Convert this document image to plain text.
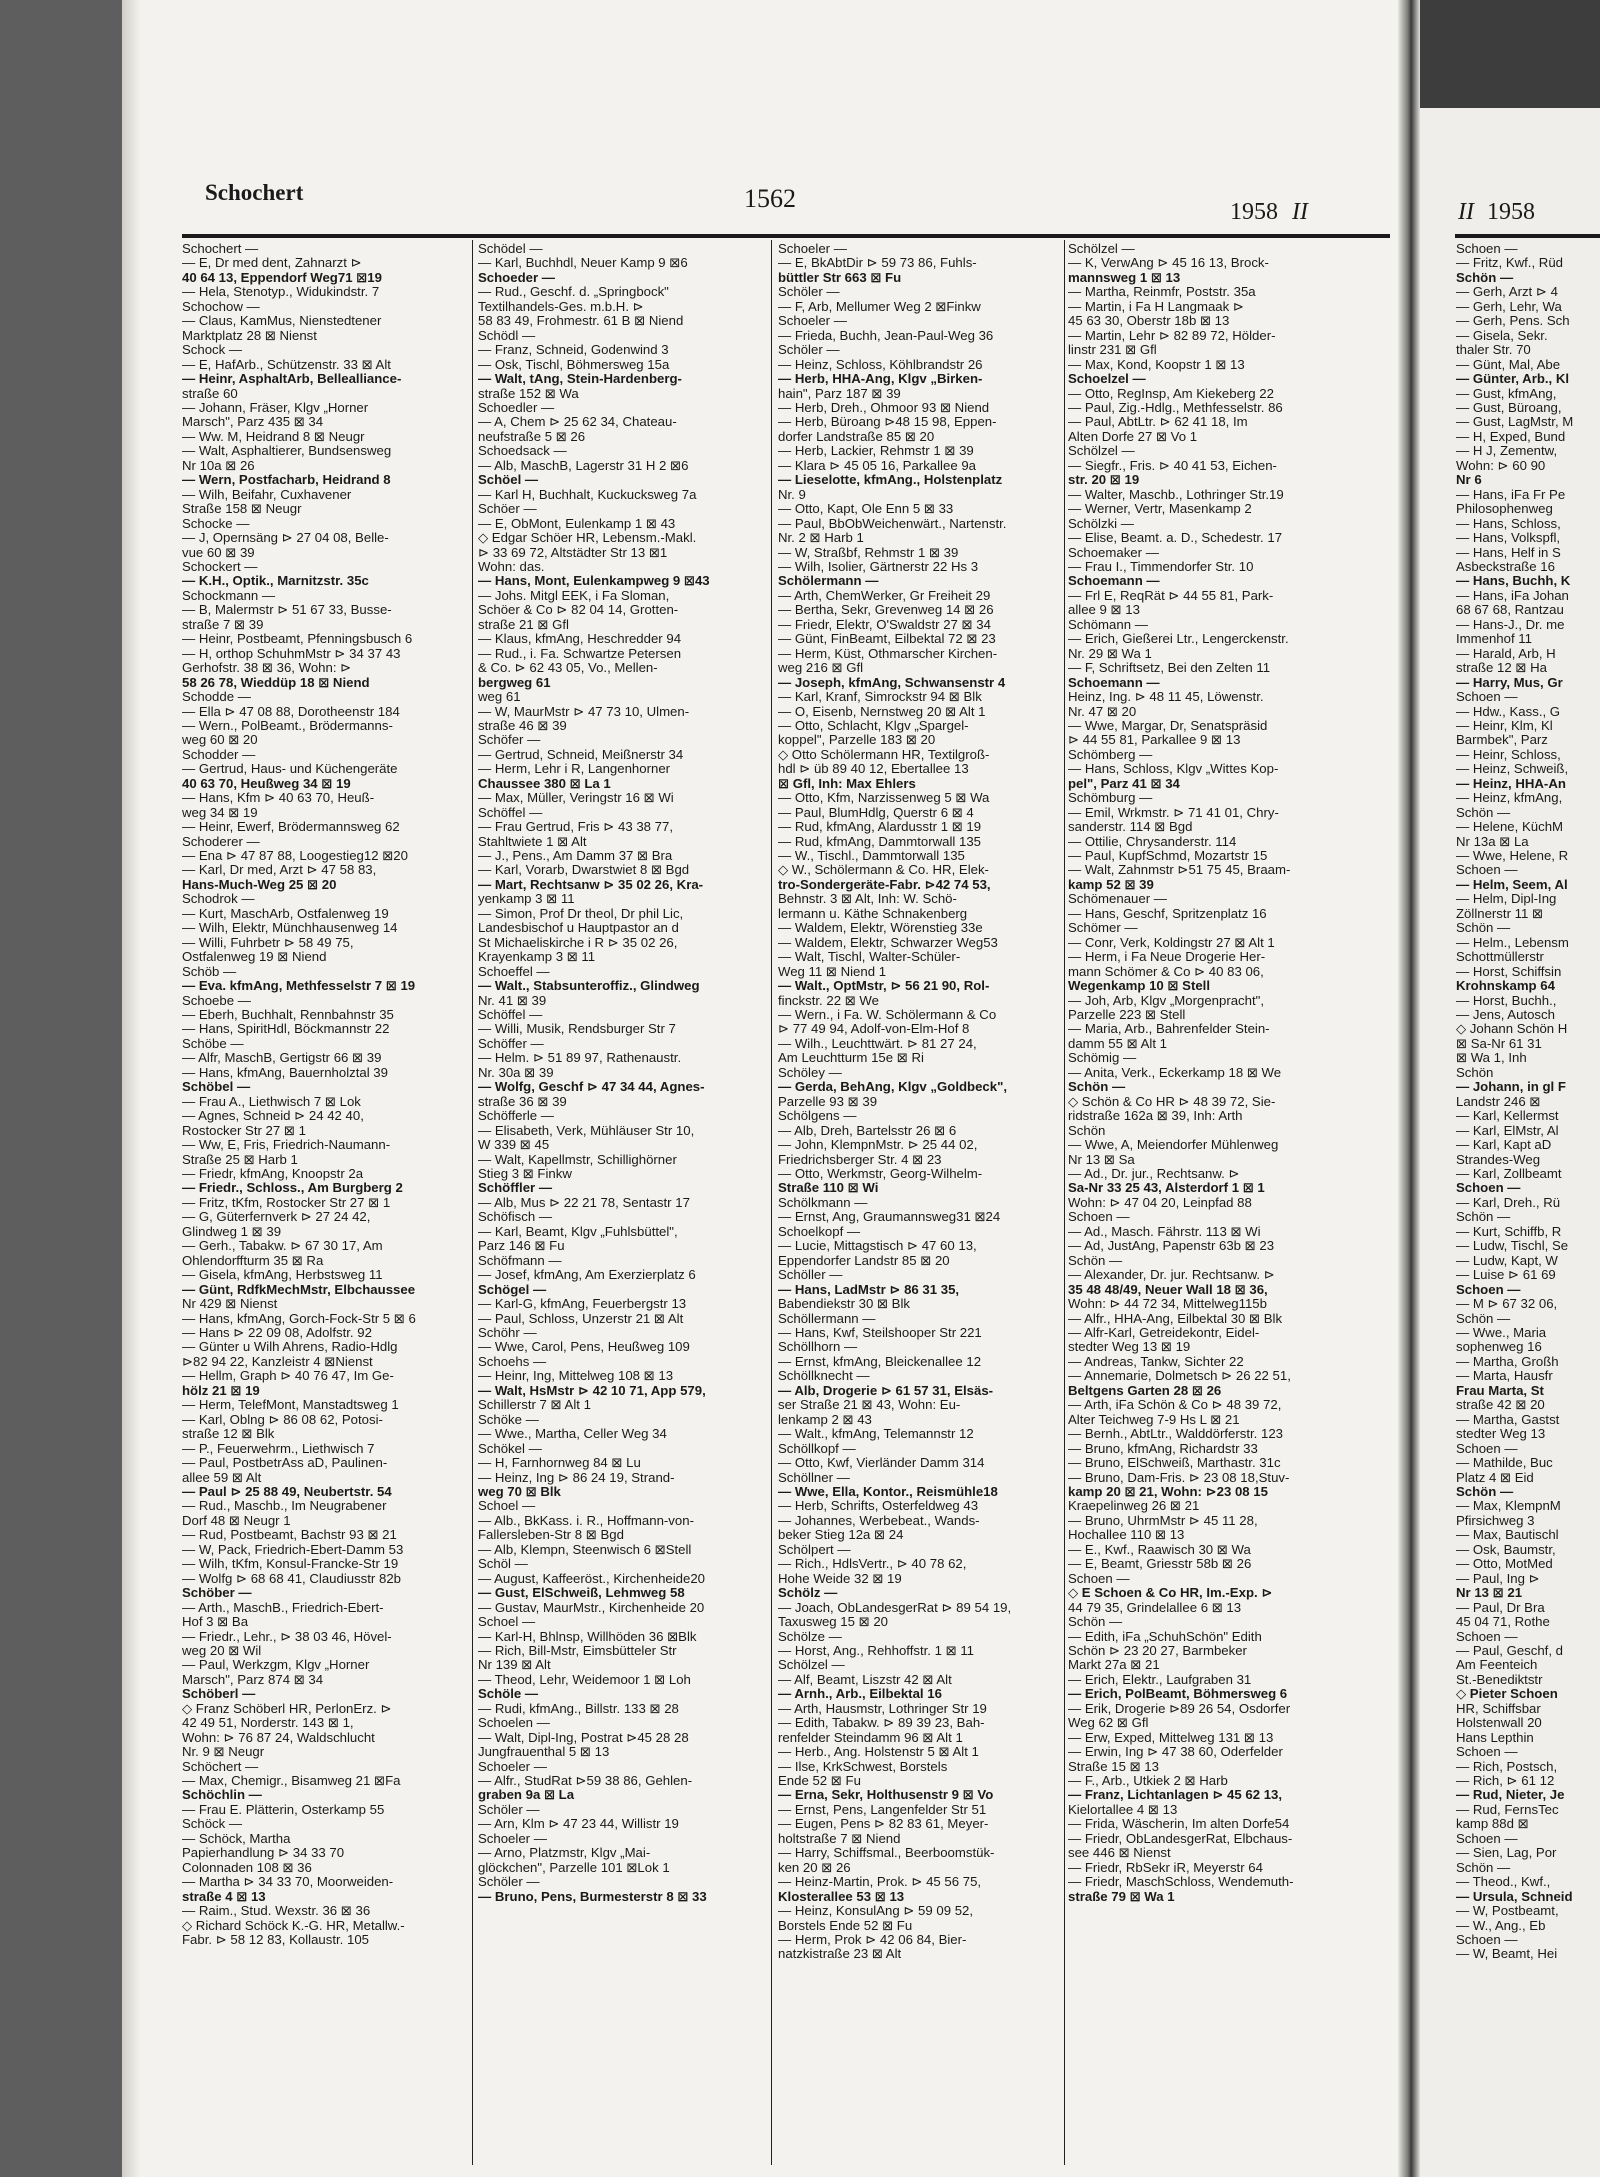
Schochert	1562	1958 II
Schochert —
— E, Dr med dent, Zahnarzt ⊳
40 64 13, Eppendorf Weg71 ⊠19
— Hela, Stenotyp., Widukindstr. 7
Schochow —
— Claus, KamMus, Nienstedtener
Marktplatz 28 ⊠ Nienst
Schock —
— E, HafArb., Schützenstr. 33 ⊠ Alt
— Heinr, AsphaltArb, Bellealliance-
straße 60
— Johann, Fräser, Klgv „Horner
Marsch", Parz 435 ⊠ 34
— Ww. M, Heidrand 8 ⊠ Neugr
— Walt, Asphaltierer, Bundsensweg
Nr 10a ⊠ 26
— Wern, Postfacharb, Heidrand 8
— Wilh, Beifahr, Cuxhavener
Straße 158 ⊠ Neugr
Schocke —
— J, Opernsäng ⊳ 27 04 08, Belle-
vue 60 ⊠ 39
Schockert —
— K.H., Optik., Marnitzstr. 35c
Schockmann —
— B, Malermstr ⊳ 51 67 33, Busse-
straße 7 ⊠ 39
— Heinr, Postbeamt, Pfenningsbusch 6
— H, orthop SchuhmMstr ⊳ 34 37 43
Gerhofstr. 38 ⊠ 36, Wohn: ⊳
58 26 78, Wieddüp 18 ⊠ Niend
Schodde —
— Ella ⊳ 47 08 88, Dorotheenstr 184
— Wern., PolBeamt., Brödermanns-
weg 60 ⊠ 20
Schodder —
— Gertrud, Haus- und Küchengeräte
40 63 70, Heußweg 34 ⊠ 19
— Hans, Kfm ⊳ 40 63 70, Heuß-
weg 34 ⊠ 19
— Heinr, Ewerf, Brödermannsweg 62
Schoderer —
— Ena ⊳ 47 87 88, Loogestieg12 ⊠20
— Karl, Dr med, Arzt ⊳ 47 58 83,
Hans-Much-Weg 25 ⊠ 20
Schodrok —
— Kurt, MaschArb, Ostfalenweg 19
— Wilh, Elektr, Münchhausenweg 14
— Willi, Fuhrbetr ⊳ 58 49 75,
Ostfalenweg 19 ⊠ Niend
Schöb —
— Eva. kfmAng, Methfesselstr 7 ⊠ 19
Schoebe —
— Eberh, Buchhalt, Rennbahnstr 35
— Hans, SpiritHdl, Böckmannstr 22
Schöbe —
— Alfr, MaschB, Gertigstr 66 ⊠ 39
— Hans, kfmAng, Bauernholztal 39
Schöbel —
— Frau A., Liethwisch 7 ⊠ Lok
— Agnes, Schneid ⊳ 24 42 40,
Rostocker Str 27 ⊠ 1
— Ww, E, Fris, Friedrich-Naumann-
Straße 25 ⊠ Harb 1
— Friedr, kfmAng, Knoopstr 2a
— Friedr., Schloss., Am Burgberg 2
— Fritz, tKfm, Rostocker Str 27 ⊠ 1
— G, Güterfernverk ⊳ 27 24 42,
Glindweg 1 ⊠ 39
— Gerh., Tabakw. ⊳ 67 30 17, Am
Ohlendorffturm 35 ⊠ Ra
— Gisela, kfmAng, Herbstsweg 11
— Günt, RdfkMechMstr, Elbchaussee
Nr 429 ⊠ Nienst
— Hans, kfmAng, Gorch-Fock-Str 5 ⊠ 6
— Hans ⊳ 22 09 08, Adolfstr. 92
— Günter u Wilh Ahrens, Radio-Hdlg
⊳82 94 22, Kanzleistr 4 ⊠Nienst
— Hellm, Graph ⊳ 40 76 47, Im Ge-
hölz 21 ⊠ 19
— Herm, TelefMont, Manstadtsweg 1
— Karl, Oblng ⊳ 86 08 62, Potosi-
straße 12 ⊠ Blk
— P., Feuerwehrm., Liethwisch 7
— Paul, PostbetrAss aD, Paulinen-
allee 59 ⊠ Alt
— Paul ⊳ 25 88 49, Neubertstr. 54
— Rud., Maschb., Im Neugrabener
Dorf 48 ⊠ Neugr 1
— Rud, Postbeamt, Bachstr 93 ⊠ 21
— W, Pack, Friedrich-Ebert-Damm 53
— Wilh, tKfm, Konsul-Francke-Str 19
— Wolfg ⊳ 68 68 41, Claudiusstr 82b
Schöber —
— Arth., MaschB., Friedrich-Ebert-
Hof 3 ⊠ Ba
— Friedr., Lehr., ⊳ 38 03 46, Hövel-
weg 20 ⊠ Wil
— Paul, Werkzgm, Klgv „Horner
Marsch", Parz 874 ⊠ 34
Schöberl —
◇ Franz Schöberl HR, PerlonErz. ⊳
42 49 51, Norderstr. 143 ⊠ 1,
Wohn: ⊳ 76 87 24, Waldschlucht
Nr. 9 ⊠ Neugr
Schöchert —
— Max, Chemigr., Bisamweg 21 ⊠Fa
Schöchlin —
— Frau E. Plätterin, Osterkamp 55
Schöck —
— Schöck, Martha
Papierhandlung ⊳ 34 33 70
Colonnaden 108 ⊠ 36
— Martha ⊳ 34 33 70, Moorweiden-
straße 4 ⊠ 13
— Raim., Stud. Wexstr. 36 ⊠ 36
◇ Richard Schöck K.-G. HR, Metallw.-
Fabr. ⊳ 58 12 83, Kollaustr. 105
Schödel —
— Karl, Buchhdl, Neuer Kamp 9 ⊠6
Schoeder —
— Rud., Geschf. d. „Springbock"
Textilhandels-Ges. m.b.H. ⊳
58 83 49, Frohmestr. 61 B ⊠ Niend
Schödl —
— Franz, Schneid, Godenwind 3
— Osk, Tischl, Böhmersweg 15a
— Walt, tAng, Stein-Hardenberg-
straße 152 ⊠ Wa
Schoedler —
— A, Chem ⊳ 25 62 34, Chateau-
neufstraße 5 ⊠ 26
Schoedsack —
— Alb, MaschB, Lagerstr 31 H 2 ⊠6
Schöel —
— Karl H, Buchhalt, Kuckucksweg 7a
Schöer —
— E, ObMont, Eulenkamp 1 ⊠ 43
◇ Edgar Schöer HR, Lebensm.-Makl.
⊳ 33 69 72, Altstädter Str 13 ⊠1
Wohn: das.
— Hans, Mont, Eulenkampweg 9 ⊠43
— Johs. Mitgl EEK, i Fa Sloman,
Schöer & Co ⊳ 82 04 14, Grotten-
straße 21 ⊠ Gfl
— Klaus, kfmAng, Heschredder 94
— Rud., i. Fa. Schwartze Petersen
& Co. ⊳ 62 43 05, Vo., Mellen-
bergweg 61
weg 61
— W, MaurMstr ⊳ 47 73 10, Ulmen-
straße 46 ⊠ 39
Schöfer —
— Gertrud, Schneid, Meißnerstr 34
— Herm, Lehr i R, Langenhorner
Chaussee 380 ⊠ La 1
— Max, Müller, Veringstr 16 ⊠ Wi
Schöffel —
— Frau Gertrud, Fris ⊳ 43 38 77,
Stahltwiete 1 ⊠ Alt
— J., Pens., Am Damm 37 ⊠ Bra
— Karl, Vorarb, Dwarstwiet 8 ⊠ Bgd
— Mart, Rechtsanw ⊳ 35 02 26, Kra-
yenkamp 3 ⊠ 11
— Simon, Prof Dr theol, Dr phil Lic,
Landesbischof u Hauptpastor an d
St Michaeliskirche i R ⊳ 35 02 26,
Krayenkamp 3 ⊠ 11
Schoeffel —
— Walt., Stabsunteroffiz., Glindweg
Nr. 41 ⊠ 39
Schöffel —
— Willi, Musik, Rendsburger Str 7
Schöffer —
— Helm. ⊳ 51 89 97, Rathenaustr.
Nr. 30a ⊠ 39
— Wolfg, Geschf ⊳ 47 34 44, Agnes-
straße 36 ⊠ 39
Schöfferle —
— Elisabeth, Verk, Mühläuser Str 10,
W 339 ⊠ 45
— Walt, Kapellmstr, Schillighörner
Stieg 3 ⊠ Finkw
Schöffler —
— Alb, Mus ⊳ 22 21 78, Sentastr 17
Schöfisch —
— Karl, Beamt, Klgv „Fuhlsbüttel",
Parz 146 ⊠ Fu
Schöfmann —
— Josef, kfmAng, Am Exerzierplatz 6
Schögel —
— Karl-G, kfmAng, Feuerbergstr 13
— Paul, Schloss, Unzerstr 21 ⊠ Alt
Schöhr —
— Wwe, Carol, Pens, Heußweg 109
Schoehs —
— Heinr, Ing, Mittelweg 108 ⊠ 13
— Walt, HsMstr ⊳ 42 10 71, App 579,
Schillerstr 7 ⊠ Alt 1
Schöke —
— Wwe., Martha, Celler Weg 34
Schökel —
— H, Farnhornweg 84 ⊠ Lu
— Heinz, Ing ⊳ 86 24 19, Strand-
weg 70 ⊠ Blk
Schoel —
— Alb., BkKass. i. R., Hoffmann-von-
Fallersleben-Str 8 ⊠ Bgd
— Alb, Klempn, Steenwisch 6 ⊠Stell
Schöl —
— August, Kaffeeröst., Kirchenheide20
— Gust, ElSchweiß, Lehmweg 58
— Gustav, MaurMstr., Kirchenheide 20
Schoel —
— Karl-H, Bhlnsp, Willhöden 36 ⊠Blk
— Rich, Bill-Mstr, Eimsbütteler Str
Nr 139 ⊠ Alt
— Theod, Lehr, Weidemoor 1 ⊠ Loh
Schöle —
— Rudi, kfmAng., Billstr. 133 ⊠ 28
Schoelen —
— Walt, Dipl-Ing, Postrat ⊳45 28 28
Jungfrauenthal 5 ⊠ 13
Schoeler —
— Alfr., StudRat ⊳59 38 86, Gehlen-
graben 9a ⊠ La
Schöler —
— Arn, Klm ⊳ 47 23 44, Willistr 19
Schoeler —
— Arno, Platzmstr, Klgv „Mai-
glöckchen", Parzelle 101 ⊠Lok 1
Schöler —
— Bruno, Pens, Burmesterstr 8 ⊠ 33
Schoeler —
— E, BkAbtDir ⊳ 59 73 86, Fuhls-
büttler Str 663 ⊠ Fu
Schöler —
— F, Arb, Mellumer Weg 2 ⊠Finkw
Schoeler —
— Frieda, Buchh, Jean-Paul-Weg 36
Schöler —
— Heinz, Schloss, Köhlbrandstr 26
— Herb, HHA-Ang, Klgv „Birken-
hain", Parz 187 ⊠ 39
— Herb, Dreh., Ohmoor 93 ⊠ Niend
— Herb, Büroang ⊳48 15 98, Eppen-
dorfer Landstraße 85 ⊠ 20
— Herb, Lackier, Rehmstr 1 ⊠ 39
— Klara ⊳ 45 05 16, Parkallee 9a
— Lieselotte, kfmAng., Holstenplatz
Nr. 9
— Otto, Kapt, Ole Enn 5 ⊠ 33
— Paul, BbObWeichenwärt., Nartenstr.
Nr. 2 ⊠ Harb 1
— W, Straßbf, Rehmstr 1 ⊠ 39
— Wilh, Isolier, Gärtnerstr 22 Hs 3
Schölermann —
— Arth, ChemWerker, Gr Freiheit 29
— Bertha, Sekr, Grevenweg 14 ⊠ 26
— Friedr, Elektr, O'Swaldstr 27 ⊠ 34
— Günt, FinBeamt, Eilbektal 72 ⊠ 23
— Herm, Küst, Othmarscher Kirchen-
weg 216 ⊠ Gfl
— Joseph, kfmAng, Schwansenstr 4
— Karl, Kranf, Simrockstr 94 ⊠ Blk
— O, Eisenb, Nernstweg 20 ⊠ Alt 1
— Otto, Schlacht, Klgv „Spargel-
koppel", Parzelle 183 ⊠ 20
◇ Otto Schölermann HR, Textilgroß-
hdl ⊳ üb 89 40 12, Ebertallee 13
⊠ Gfl, Inh: Max Ehlers
— Otto, Kfm, Narzissenweg 5 ⊠ Wa
— Paul, BlumHdlg, Querstr 6 ⊠ 4
— Rud, kfmAng, Alardusstr 1 ⊠ 19
— Rud, kfmAng, Dammtorwall 135
— W., Tischl., Dammtorwall 135
◇ W., Schölermann & Co. HR, Elek-
tro-Sondergeräte-Fabr. ⊳42 74 53,
Behnstr. 3 ⊠ Alt, Inh: W. Schö-
lermann u. Käthe Schnakenberg
— Waldem, Elektr, Wörenstieg 33e
— Waldem, Elektr, Schwarzer Weg53
— Walt, Tischl, Walter-Schüler-
Weg 11 ⊠ Niend 1
— Walt., OptMstr, ⊳ 56 21 90, Rol-
finckstr. 22 ⊠ We
— Wern., i Fa. W. Schölermann & Co
⊳ 77 49 94, Adolf-von-Elm-Hof 8
— Wilh., Leuchttwärt. ⊳ 81 27 24,
Am Leuchtturm 15e ⊠ Ri
Schöley —
— Gerda, BehAng, Klgv „Goldbeck",
Parzelle 93 ⊠ 39
Schölgens —
— Alb, Dreh, Bartelsstr 26 ⊠ 6
— John, KlempnMstr. ⊳ 25 44 02,
Friedrichsberger Str. 4 ⊠ 23
— Otto, Werkmstr, Georg-Wilhelm-
Straße 110 ⊠ Wi
Schölkmann —
— Ernst, Ang, Graumannsweg31 ⊠24
Schoelkopf —
— Lucie, Mittagstisch ⊳ 47 60 13,
Eppendorfer Landstr 85 ⊠ 20
Schöller —
— Hans, LadMstr ⊳ 86 31 35,
Babendiekstr 30 ⊠ Blk
Schöllermann —
— Hans, Kwf, Steilshooper Str 221
Schöllhorn —
— Ernst, kfmAng, Bleickenallee 12
Schöllknecht —
— Alb, Drogerie ⊳ 61 57 31, Elsäs-
ser Straße 21 ⊠ 43, Wohn: Eu-
lenkamp 2 ⊠ 43
— Walt., kfmAng, Telemannstr 12
Schöllkopf —
— Otto, Kwf, Vierländer Damm 314
Schöllner —
— Wwe, Ella, Kontor., Reismühle18
— Herb, Schrifts, Osterfeldweg 43
— Johannes, Werbebeat., Wands-
beker Stieg 12a ⊠ 24
Schölpert —
— Rich., HdlsVertr., ⊳ 40 78 62,
Hohe Weide 32 ⊠ 19
Schölz —
— Joach, ObLandesgerRat ⊳ 89 54 19,
Taxusweg 15 ⊠ 20
Schölze —
— Horst, Ang., Rehhoffstr. 1 ⊠ 11
Schölzel —
— Alf, Beamt, Liszstr 42 ⊠ Alt
— Arnh., Arb., Eilbektal 16
— Arth, Hausmstr, Lothringer Str 19
— Edith, Tabakw. ⊳ 89 39 23, Bah-
renfelder Steindamm 96 ⊠ Alt 1
— Herb., Ang. Holstenstr 5 ⊠ Alt 1
— Ilse, KrkSchwest, Borstels
Ende 52 ⊠ Fu
— Erna, Sekr, Holthusenstr 9 ⊠ Vo
— Ernst, Pens, Langenfelder Str 51
— Eugen, Pens ⊳ 82 83 61, Meyer-
holtstraße 7 ⊠ Niend
— Harry, Schiffsmal., Beerboomstük-
ken 20 ⊠ 26
— Heinz-Martin, Prok. ⊳ 45 56 75,
Klosterallee 53 ⊠ 13
— Heinz, KonsulAng ⊳ 59 09 52,
Borstels Ende 52 ⊠ Fu
— Herm, Prok ⊳ 42 06 84, Bier-
natzkistraße 23 ⊠ Alt
Schölzel —
— K, VerwAng ⊳ 45 16 13, Brock-
mannsweg 1 ⊠ 13
— Martha, Reinmfr, Poststr. 35a
— Martin, i Fa H Langmaak ⊳
45 63 30, Oberstr 18b ⊠ 13
— Martin, Lehr ⊳ 82 89 72, Hölder-
linstr 231 ⊠ Gfl
— Max, Kond, Koopstr 1 ⊠ 13
Schoelzel —
— Otto, RegInsp, Am Kiekeberg 22
— Paul, Zig.-Hdlg., Methfesselstr. 86
— Paul, AbtLtr. ⊳ 62 41 18, Im
Alten Dorfe 27 ⊠ Vo 1
Schölzel —
— Siegfr., Fris. ⊳ 40 41 53, Eichen-
str. 20 ⊠ 19
— Walter, Maschb., Lothringer Str.19
— Werner, Vertr, Masenkamp 2
Schölzki —
— Elise, Beamt. a. D., Schedestr. 17
Schoemaker —
— Frau I., Timmendorfer Str. 10
Schoemann —
— Frl E, ReqRät ⊳ 44 55 81, Park-
allee 9 ⊠ 13
Schömann —
— Erich, Gießerei Ltr., Lengerckenstr.
Nr. 29 ⊠ Wa 1
— F, Schriftsetz, Bei den Zelten 11
Schoemann —
Heinz, Ing. ⊳ 48 11 45, Löwenstr.
Nr. 47 ⊠ 20
— Wwe, Margar, Dr, Senatspräsid
⊳ 44 55 81, Parkallee 9 ⊠ 13
Schömberg —
— Hans, Schloss, Klgv „Wittes Kop-
pel", Parz 41 ⊠ 34
Schömburg —
— Emil, Wrkmstr. ⊳ 71 41 01, Chry-
sanderstr. 114 ⊠ Bgd
— Ottilie, Chrysanderstr. 114
— Paul, KupfSchmd, Mozartstr 15
— Walt, Zahnmstr ⊳51 75 45, Braam-
kamp 52 ⊠ 39
Schömenauer —
— Hans, Geschf, Spritzenplatz 16
Schömer —
— Conr, Verk, Koldingstr 27 ⊠ Alt 1
— Herm, i Fa Neue Drogerie Her-
mann Schömer & Co ⊳ 40 83 06,
Wegenkamp 10 ⊠ Stell
— Joh, Arb, Klgv „Morgenpracht",
Parzelle 223 ⊠ Stell
— Maria, Arb., Bahrenfelder Stein-
damm 55 ⊠ Alt 1
Schömig —
— Anita, Verk., Eckerkamp 18 ⊠ We
Schön —
◇ Schön & Co HR ⊳ 48 39 72, Sie-
ridstraße 162a ⊠ 39, Inh: Arth
Schön
— Wwe, A, Meiendorfer Mühlenweg
Nr 13 ⊠ Sa
— Ad., Dr. jur., Rechtsanw. ⊳
Sa-Nr 33 25 43, Alsterdorf 1 ⊠ 1
Wohn: ⊳ 47 04 20, Leinpfad 88
Schoen —
— Ad., Masch. Fährstr. 113 ⊠ Wi
— Ad, JustAng, Papenstr 63b ⊠ 23
Schön —
— Alexander, Dr. jur. Rechtsanw. ⊳
35 48 48/49, Neuer Wall 18 ⊠ 36,
Wohn: ⊳ 44 72 34, Mittelweg115b
— Alfr., HHA-Ang, Eilbektal 30 ⊠ Blk
— Alfr-Karl, Getreidekontr, Eidel-
stedter Weg 13 ⊠ 19
— Andreas, Tankw, Sichter 22
— Annemarie, Dolmetsch ⊳ 26 22 51,
Beltgens Garten 28 ⊠ 26
— Arth, iFa Schön & Co ⊳ 48 39 72,
Alter Teichweg 7-9 Hs L ⊠ 21
— Bernh., AbtLtr., Walddörferstr. 123
— Bruno, kfmAng, Richardstr 33
— Bruno, ElSchweiß, Marthastr. 31c
— Bruno, Dam-Fris. ⊳ 23 08 18,Stuv-
kamp 20 ⊠ 21, Wohn: ⊳23 08 15
Kraepelinweg 26 ⊠ 21
— Bruno, UhrmMstr ⊳ 45 11 28,
Hochallee 110 ⊠ 13
— E., Kwf., Raawisch 30 ⊠ Wa
— E, Beamt, Griesstr 58b ⊠ 26
Schoen —
◇ E Schoen & Co HR, Im.-Exp. ⊳
44 79 35, Grindelallee 6 ⊠ 13
Schön —
— Edith, iFa „SchuhSchön" Edith
Schön ⊳ 23 20 27, Barmbeker
Markt 27a ⊠ 21
— Erich, Elektr., Laufgraben 31
— Erich, PolBeamt, Böhmersweg 6
— Erik, Drogerie ⊳89 26 54, Osdorfer
Weg 62 ⊠ Gfl
— Erw, Exped, Mittelweg 131 ⊠ 13
— Erwin, Ing ⊳ 47 38 60, Oderfelder
Straße 15 ⊠ 13
— F., Arb., Utkiek 2 ⊠ Harb
— Franz, Lichtanlagen ⊳ 45 62 13,
Kielortallee 4 ⊠ 13
— Frida, Wäscherin, Im alten Dorfe54
— Friedr, ObLandesgerRat, Elbchaus-
see 446 ⊠ Nienst
— Friedr, RbSekr iR, Meyerstr 64
— Friedr, MaschSchloss, Wendemuth-
straße 79 ⊠ Wa 1
II 1958
Schoen —
— Fritz, Kwf., Rüd
Schön —
— Gerh, Arzt ⊳ 4
— Gerh, Lehr, Wa
— Gerh, Pens. Sch
— Gisela, Sekr.
thaler Str. 70
— Günt, Mal, Abe
— Günter, Arb., Kl
— Gust, kfmAng,
— Gust, Büroang,
— Gust, LagMstr, M
— H, Exped, Bund
— H J, Zementw,
Wohn: ⊳ 60 90
Nr 6
— Hans, iFa Fr Pe
Philosophenweg
— Hans, Schloss,
— Hans, Volkspfl,
— Hans, Helf in S
Asbeckstraße 16
— Hans, Buchh, K
— Hans, iFa Johan
68 67 68, Rantzau
— Hans-J., Dr. me
Immenhof 11
— Harald, Arb, H
straße 12 ⊠ Ha
— Harry, Mus, Gr
Schoen —
— Hdw., Kass., G
— Heinr, Klm, Kl
Barmbek", Parz
— Heinr, Schloss,
— Heinz, Schweiß,
— Heinz, HHA-An
— Heinz, kfmAng,
Schön —
— Helene, KüchM
Nr 13a ⊠ La
— Wwe, Helene, R
Schoen —
— Helm, Seem, Al
— Helm, Dipl-Ing
Zöllnerstr 11 ⊠
Schön —
— Helm., Lebensm
Schottmüllerstr
— Horst, Schiffsin
Krohnskamp 64
— Horst, Buchh.,
— Jens, Autosch
◇ Johann Schön H
⊠ Sa-Nr 61 31
⊠ Wa 1, Inh
Schön
— Johann, in gl F
Landstr 246 ⊠
— Karl, Kellermst
— Karl, ElMstr, Al
— Karl, Kapt aD
Strandes-Weg
— Karl, Zollbeamt
Schoen —
— Karl, Dreh., Rü
Schön —
— Kurt, Schiffb, R
— Ludw, Tischl, Se
— Ludw, Kapt, W
— Luise ⊳ 61 69
Schoen —
— M ⊳ 67 32 06,
Schön —
— Wwe., Maria
sophenweg 16
— Martha, Großh
— Marta, Hausfr
Frau Marta, St
straße 42 ⊠ 20
— Martha, Gastst
stedter Weg 13
Schoen —
— Mathilde, Buc
Platz 4 ⊠ Eid
Schön —
— Max, KlempnM
Pfirsichweg 3
— Max, Bautischl
— Osk, Baumstr,
— Otto, MotMed
— Paul, Ing ⊳
Nr 13 ⊠ 21
— Paul, Dr Bra
45 04 71, Rothe
Schoen —
— Paul, Geschf, d
Am Feenteich
St.-Benediktstr
◇ Pieter Schoen
HR, Schiffsbar
Holstenwall 20
Hans Lepthin
Schoen —
— Rich, Postsch,
— Rich, ⊳ 61 12
— Rud, Nieter, Je
— Rud, FernsTec
kamp 88d ⊠
Schoen —
— Sien, Lag, Por
Schön —
— Theod., Kwf.,
— Ursula, Schneid
— W, Postbeamt,
— W., Ang., Eb
Schoen —
— W, Beamt, Hei
